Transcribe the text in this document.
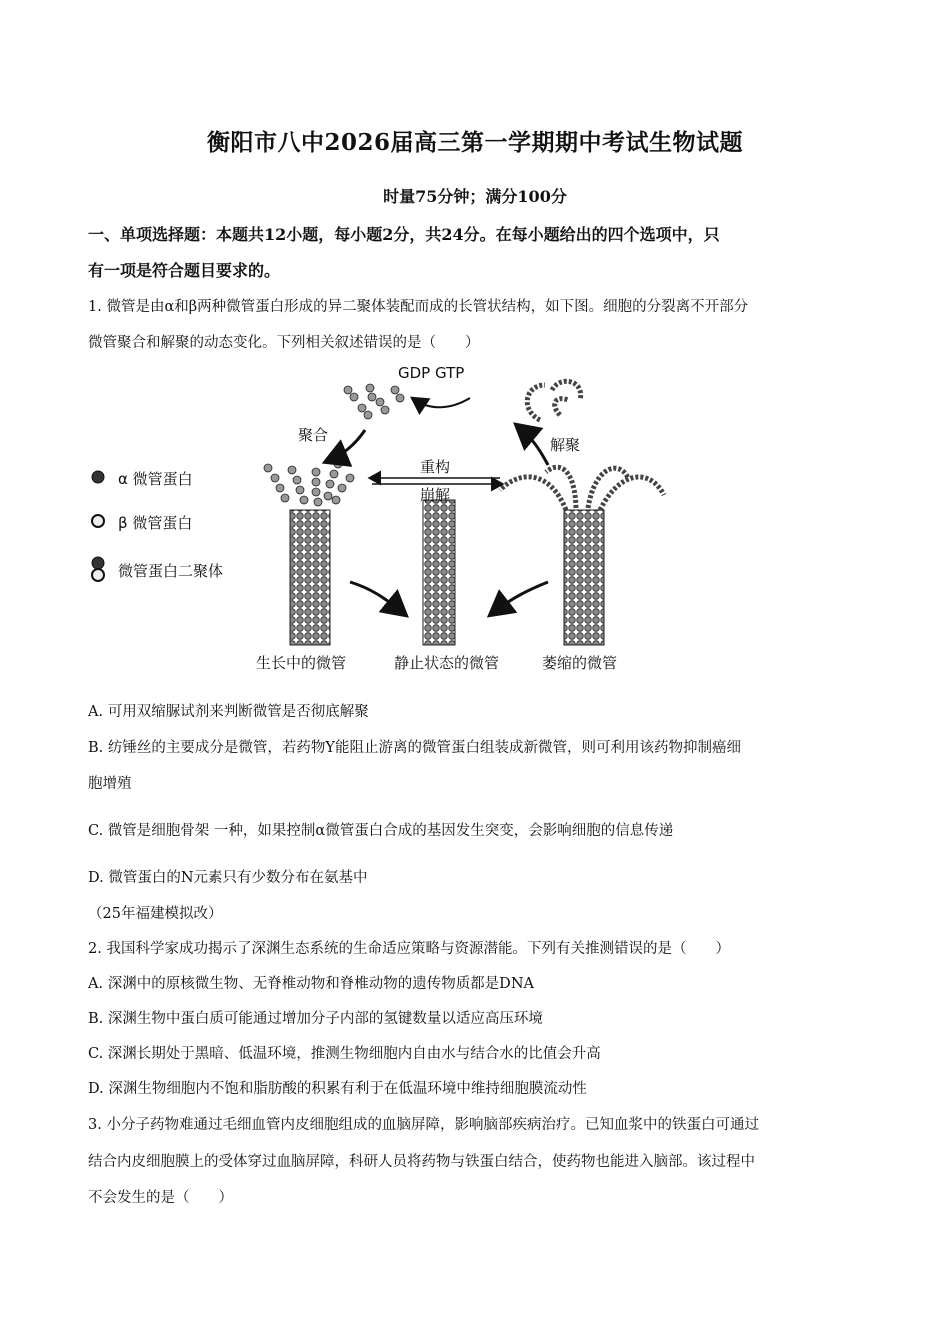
衡阳市八中2026届高三第一学期期中考试生物试题
时量75分钟；满分100分
一、单项选择题：本题共12小题，每小题2分，共24分。在每小题给出的四个选项中，只
有一项是符合题目要求的。
1. 微管是由α和β两种微管蛋白形成的异二聚体装配而成的长管状结构，如下图。细胞的分裂离不开部分
微管聚合和解聚的动态变化。下列相关叙述错误的是（　　）
GDP GTP
聚合
解聚
重构
崩解
α 微管蛋白
β 微管蛋白
微管蛋白二聚体
生长中的微管	静止状态的微管	萎缩的微管
A. 可用双缩脲试剂来判断微管是否彻底解聚
B. 纺锤丝的主要成分是微管，若药物Y能阻止游离的微管蛋白组装成新微管，则可利用该药物抑制癌细
胞增殖
C. 微管是细胞骨架 一种，如果控制α微管蛋白合成的基因发生突变，会影响细胞的信息传递
D. 微管蛋白的N元素只有少数分布在氨基中
（25年福建模拟改）
2. 我国科学家成功揭示了深渊生态系统的生命适应策略与资源潜能。下列有关推测错误的是（　　）
A. 深渊中的原核微生物、无脊椎动物和脊椎动物的遗传物质都是DNA
B. 深渊生物中蛋白质可能通过增加分子内部的氢键数量以适应高压环境
C. 深渊长期处于黑暗、低温环境，推测生物细胞内自由水与结合水的比值会升高
D. 深渊生物细胞内不饱和脂肪酸的积累有利于在低温环境中维持细胞膜流动性
3. 小分子药物难通过毛细血管内皮细胞组成的血脑屏障，影响脑部疾病治疗。已知血浆中的铁蛋白可通过
结合内皮细胞膜上的受体穿过血脑屏障，科研人员将药物与铁蛋白结合，使药物也能进入脑部。该过程中
不会发生的是（　　）
